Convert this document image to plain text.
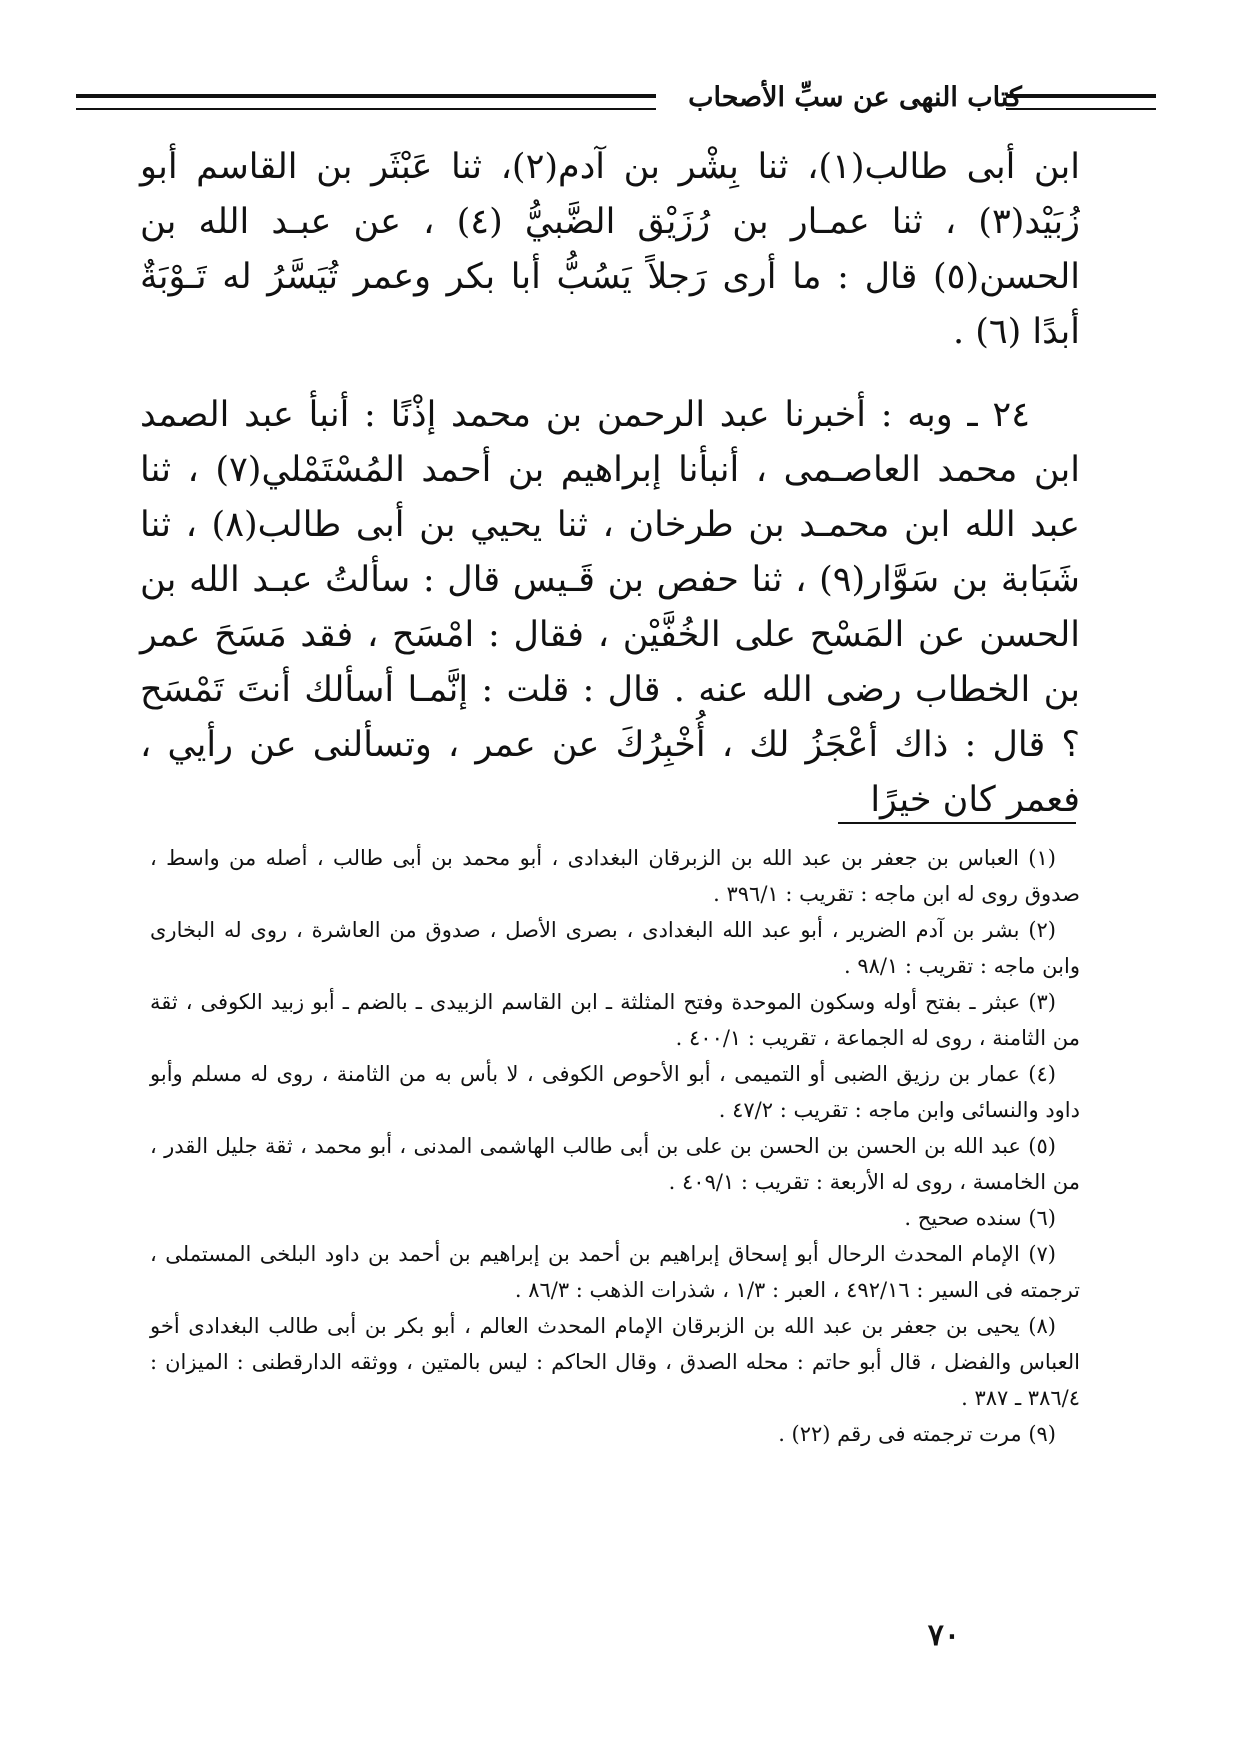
كتاب النهى عن سبِّ الأصحاب

ابن أبى طالب(١)، ثنا بِشْر بن آدم(٢)، ثنا عَبْثَر بن القاسم أبو زُبَيْد(٣) ، ثنا عمـار بن رُزَيْق الضَّبيُّ (٤) ، عن عبـد الله بن الحسن(٥) قال : ما أرى رَجلاً يَسُبُّ أبا بكر وعمر تُيَسَّرُ له تَـوْبَةٌ أبدًا (٦) .

٢٤ ـ وبه : أخبرنا عبد الرحمن بن محمد إذْنًا : أنبأ عبد الصمد ابن محمد العاصـمى ، أنبأنا إبراهيم بن أحمد المُسْتَمْلي(٧) ، ثنا عبد الله ابن محمـد بن طرخان ، ثنا يحيي بن أبى طالب(٨) ، ثنا شَبَابة بن سَوَّار(٩) ، ثنا حفص بن قَـيس قال : سألتُ عبـد الله بن الحسن عن المَسْح على الخُفَّيْن ، فقال : امْسَح ، فقد مَسَحَ عمر بن الخطاب رضى الله عنه . قال : قلت : إنَّمـا أسألك أنتَ تَمْسَح ؟ قال : ذاك أعْجَزُ لك ، أُخْبِرُكَ عن عمر ، وتسألنى عن رأيي ، فعمر كان خيرًا

(١) العباس بن جعفر بن عبد الله بن الزبرقان البغدادى ، أبو محمد بن أبى طالب ، أصله من واسط ، صدوق روى له ابن ماجه : تقريب : ٣٩٦/١ .

(٢) بشر بن آدم الضرير ، أبو عبد الله البغدادى ، بصرى الأصل ، صدوق من العاشرة ، روى له البخارى وابن ماجه : تقريب : ٩٨/١ .

(٣) عبثر ـ بفتح أوله وسكون الموحدة وفتح المثلثة ـ ابن القاسم الزبيدى ـ بالضم ـ أبو زبيد الكوفى ، ثقة من الثامنة ، روى له الجماعة ، تقريب : ٤٠٠/١ .

(٤) عمار بن رزيق الضبى أو التميمى ، أبو الأحوص الكوفى ، لا بأس به من الثامنة ، روى له مسلم وأبو داود والنسائى وابن ماجه : تقريب : ٤٧/٢ .

(٥) عبد الله بن الحسن بن الحسن بن على بن أبى طالب الهاشمى المدنى ، أبو محمد ، ثقة جليل القدر ، من الخامسة ، روى له الأربعة : تقريب : ٤٠٩/١ .

(٦) سنده صحيح .

(٧) الإمام المحدث الرحال أبو إسحاق إبراهيم بن أحمد بن إبراهيم بن أحمد بن داود البلخى المستملى ، ترجمته فى السير : ٤٩٢/١٦ ، العبر : ١/٣ ، شذرات الذهب : ٨٦/٣ .

(٨) يحيى بن جعفر بن عبد الله بن الزبرقان الإمام المحدث العالم ، أبو بكر بن أبى طالب البغدادى أخو العباس والفضل ، قال أبو حاتم : محله الصدق ، وقال الحاكم : ليس بالمتين ، ووثقه الدارقطنى : الميزان : ٣٨٦/٤ ـ ٣٨٧ .

(٩) مرت ترجمته فى رقم (٢٢) .

٧٠
